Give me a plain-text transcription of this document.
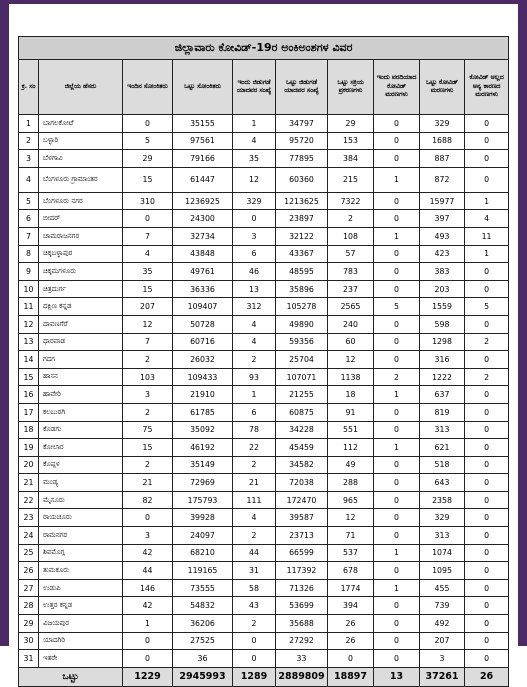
ಜಿಲ್ಲಾವಾರು ಕೋವಿಡ್-19ರ ಅಂಕಿಅಂಶಗಳ ವಿವರ									
ಕ್ರ. ಸಂ	ಜಿಲ್ಲೆಯ ಹೆಸರು	ಇಂದಿನ ಸೋಂಕಿತರು	ಒಟ್ಟು ಸೋಂಕಿತರು	ಇಂದು ಜಿಡುಗಡೆ ಯಾದವರ ಸಂಖ್ಯೆ	ಒಟ್ಟು ಜಿಡುಗಡೆ ಯಾದವರ ಸಂಖ್ಯೆ	ಒಟ್ಟು ಸಕ್ರಿಯ ಪ್ರಕರಣಗಳು	ಇಂದು ವರದಿಯಾದ ಕೋವಿಡ್ ಮರಣಗಳು	ಒಟ್ಟು ಕೋವಿಡ್ ಮರಣಗಳು	ಕೋವಿಡ್ ಅಲ್ಲದ ಅನ್ಯ ಕಾರಣದ ಮರಣಗಳು
1	ಬಾಗಲಕೋಟೆ	0	35155	1	34797	29	0	329	0
2	ಬಳ್ಳಾರಿ	5	97561	4	95720	153	0	1688	0
3	ಬೆಳಗಾವಿ	29	79166	35	77895	384	0	887	0
4	ಬೆಂಗಳೂರು ಗ್ರಾಮಾಂತರ	15	61447	12	60360	215	1	872	0
5	ಬೆಂಗಳೂರು ನಗರ	310	1236925	329	1213625	7322	0	15977	1
6	ಬೀದರ್	0	24300	0	23897	2	0	397	4
7	ಚಾಮರಾಜನಗರ	7	32734	3	32122	108	1	493	11
8	ಚಿಕ್ಕಬಳ್ಳಾಪುರ	4	43848	6	43367	57	0	423	1
9	ಚಿಕ್ಕಮಗಳೂರು	35	49761	46	48595	783	0	383	0
10	ಚಿತ್ರದುರ್ಗ	15	36336	13	35896	237	0	203	0
11	ದಕ್ಷಿಣ ಕನ್ನಡ	207	109407	312	105278	2565	5	1559	5
12	ದಾವಣಗೆರೆ	12	50728	4	49890	240	0	598	0
13	ಧಾರವಾಡ	7	60716	4	59356	60	0	1298	2
14	ಗದಗ	2	26032	2	25704	12	0	316	0
15	ಹಾಸನ	103	109433	93	107071	1138	2	1222	2
16	ಹಾವೇರಿ	3	21910	1	21255	18	1	637	0
17	ಕಲಬುರಗಿ	2	61785	6	60875	91	0	819	0
18	ಕೊಡಗು	75	35092	78	34228	551	0	313	0
19	ಕೋಲಾರ	15	46192	22	45459	112	1	621	0
20	ಕೊಪ್ಪಳ	2	35149	2	34582	49	0	518	0
21	ಮಂಡ್ಯ	21	72969	21	72038	288	0	643	0
22	ಮೈಸೂರು	82	175793	111	172470	965	0	2358	0
23	ರಾಯಚೂರು	0	39928	4	39587	12	0	329	0
24	ರಾಮನಗರ	3	24097	2	23713	71	0	313	0
25	ಶಿವಮೊಗ್ಗ	42	68210	44	66599	537	1	1074	0
26	ತುಮಕೂರು	44	119165	31	117392	678	0	1095	0
27	ಉಡುಪಿ	146	73555	58	71326	1774	1	455	0
28	ಉತ್ತರ ಕನ್ನಡ	42	54832	43	53699	394	0	739	0
29	ವಿಜಯಪುರ	1	36206	2	35688	26	0	492	0
30	ಯಾದಗಿರಿ	0	27525	0	27292	26	0	207	0
31	ಇತರೇ	0	36	0	33	0	0	3	0
ಒಟ್ಟು		1229	2945993	1289	2889809	18897	13	37261	26
